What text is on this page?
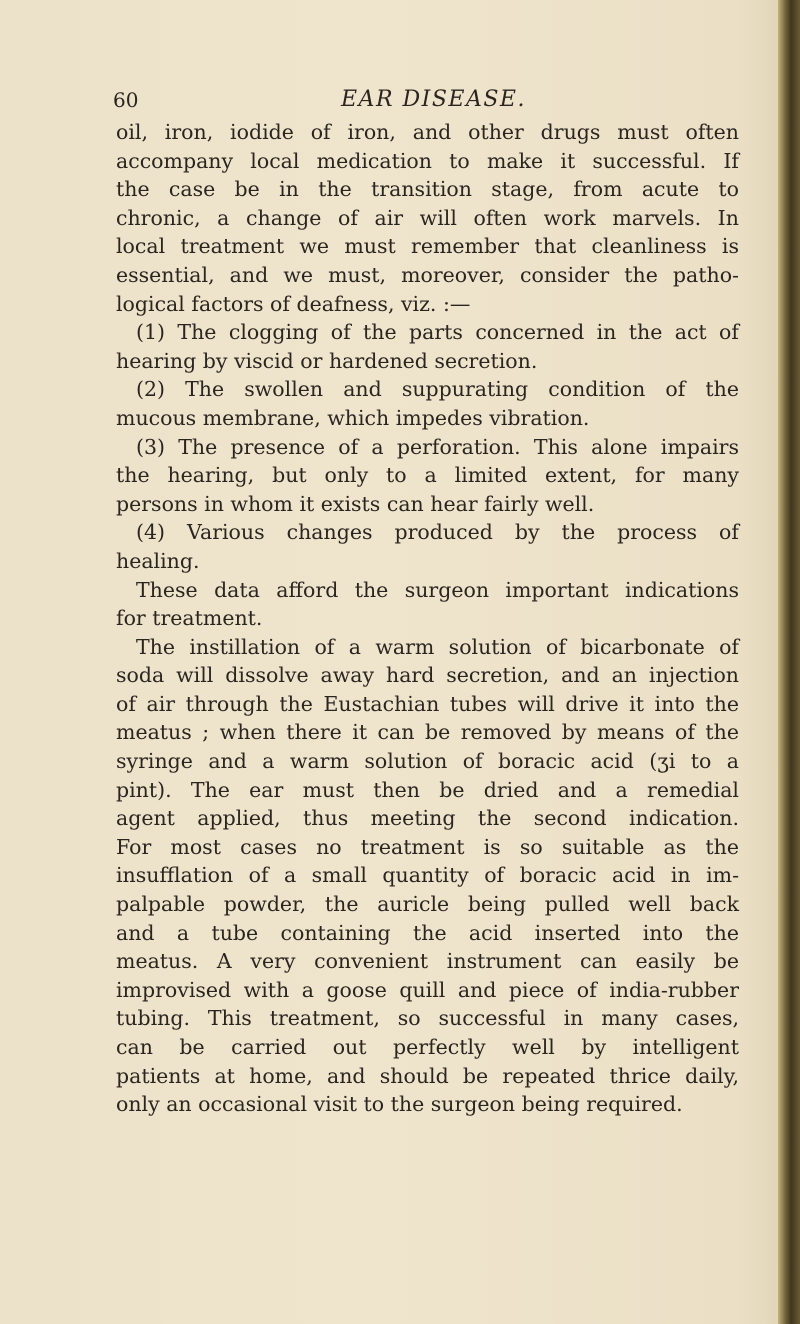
60	EAR DISEASE.
oil, iron, iodide of iron, and other drugs must often
accompany local medication to make it successful. If
the case be in the transition stage, from acute to
chronic, a change of air will often work marvels. In
local treatment we must remember that cleanliness is
essential, and we must, moreover, consider the patho-
logical factors of deafness, viz. :—
(1) The clogging of the parts concerned in the act of
hearing by viscid or hardened secretion.
(2) The swollen and suppurating condition of the
mucous membrane, which impedes vibration.
(3) The presence of a perforation. This alone impairs
the hearing, but only to a limited extent, for many
persons in whom it exists can hear fairly well.
(4) Various changes produced by the process of
healing.
These data afford the surgeon important indications
for treatment.
The instillation of a warm solution of bicarbonate of
soda will dissolve away hard secretion, and an injection
of air through the Eustachian tubes will drive it into the
meatus ; when there it can be removed by means of the
syringe and a warm solution of boracic acid (ʒi to a
pint). The ear must then be dried and a remedial
agent applied, thus meeting the second indication.
For most cases no treatment is so suitable as the
insufflation of a small quantity of boracic acid in im-
palpable powder, the auricle being pulled well back
and a tube containing the acid inserted into the
meatus. A very convenient instrument can easily be
improvised with a goose quill and piece of india-rubber
tubing. This treatment, so successful in many cases,
can be carried out perfectly well by intelligent
patients at home, and should be repeated thrice daily,
only an occasional visit to the surgeon being required.
